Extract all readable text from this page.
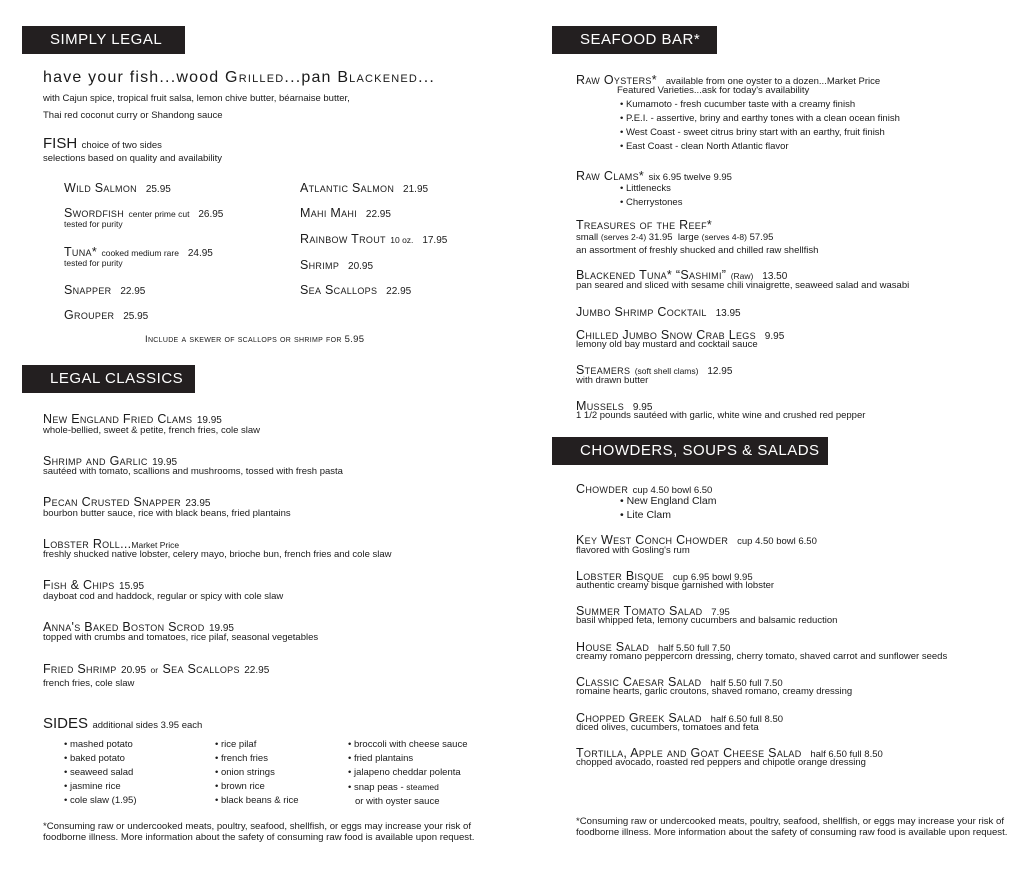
SIMPLY LEGAL
have your fish...wood Grilled...pan Blackened...
with Cajun spice, tropical fruit salsa, lemon chive butter, béarnaise butter,
Thai red coconut curry or Shandong sauce
FISH choice of two sides
selections based on quality and availability
Wild Salmon 25.95
Swordfish center prime cut 26.95
tested for purity
Tuna* cooked medium rare 24.95
tested for purity
Snapper 22.95
Grouper 25.95
Atlantic Salmon 21.95
Mahi Mahi 22.95
Rainbow Trout 10 oz. 17.95
Shrimp 20.95
Sea Scallops 22.95
Include a skewer of scallops or shrimp for 5.95
LEGAL CLASSICS
New England Fried Clams 19.95
whole-bellied, sweet & petite, french fries, cole slaw
Shrimp and Garlic 19.95
sautéed with tomato, scallions and mushrooms, tossed with fresh pasta
Pecan Crusted Snapper 23.95
bourbon butter sauce, rice with black beans, fried plantains
Lobster Roll...Market Price
freshly shucked native lobster, celery mayo, brioche bun, french fries and cole slaw
Fish & Chips 15.95
dayboat cod and haddock, regular or spicy with cole slaw
Anna's Baked Boston Scrod 19.95
topped with crumbs and tomatoes, rice pilaf, seasonal vegetables
Fried Shrimp 20.95 or Sea Scallops 22.95
french fries, cole slaw
SIDES additional sides 3.95 each
• mashed potato
• baked potato
• seaweed salad
• jasmine rice
• cole slaw (1.95)
• rice pilaf
• french fries
• onion strings
• brown rice
• black beans & rice
• broccoli with cheese sauce
• fried plantains
• jalapeno cheddar polenta
• snap peas - steamed
or with oyster sauce
*Consuming raw or undercooked meats, poultry, seafood, shellfish, or eggs may increase your risk of foodborne illness. More information about the safety of consuming raw food is available upon request.
SEAFOOD BAR*
Raw Oysters* available from one oyster to a dozen...Market Price
Featured Varieties...ask for today's availability
• Kumamoto - fresh cucumber taste with a creamy finish
• P.E.I. - assertive, briny and earthy tones with a clean ocean finish
• West Coast - sweet citrus briny start with an earthy, fruit finish
• East Coast - clean North Atlantic flavor
Raw Clams* six 6.95 twelve 9.95
• Littlenecks
• Cherrystones
Treasures of the Reef*
small (serves 2-4) 31.95 large (serves 4-8) 57.95
an assortment of freshly shucked and chilled raw shellfish
Blackened Tuna* “Sashimi” (Raw) 13.50
pan seared and sliced with sesame chili vinaigrette, seaweed salad and wasabi
Jumbo Shrimp Cocktail 13.95
Chilled Jumbo Snow Crab Legs 9.95
lemony old bay mustard and cocktail sauce
Steamers (soft shell clams) 12.95
with drawn butter
Mussels 9.95
1 1/2 pounds sautéed with garlic, white wine and crushed red pepper
CHOWDERS, SOUPS & SALADS
Chowder cup 4.50 bowl 6.50
• New England Clam
• Lite Clam
Key West Conch Chowder cup 4.50 bowl 6.50
flavored with Gosling's rum
Lobster Bisque cup 6.95 bowl 9.95
authentic creamy bisque garnished with lobster
Summer Tomato Salad 7.95
basil whipped feta, lemony cucumbers and balsamic reduction
House Salad half 5.50 full 7.50
creamy romano peppercorn dressing, cherry tomato, shaved carrot and sunflower seeds
Classic Caesar Salad half 5.50 full 7.50
romaine hearts, garlic croutons, shaved romano, creamy dressing
Chopped Greek Salad half 6.50 full 8.50
diced olives, cucumbers, tomatoes and feta
Tortilla, Apple and Goat Cheese Salad half 6.50 full 8.50
chopped avocado, roasted red peppers and chipotle orange dressing
*Consuming raw or undercooked meats, poultry, seafood, shellfish, or eggs may increase your risk of foodborne illness. More information about the safety of consuming raw food is available upon request.
